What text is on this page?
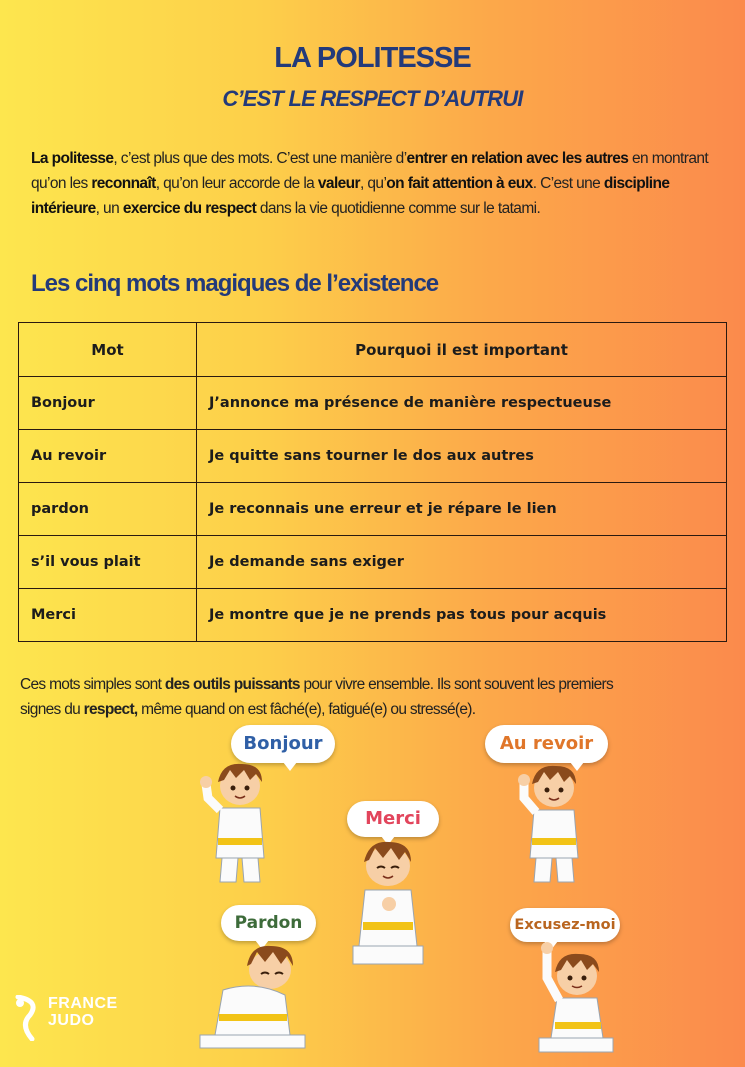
LA POLITESSE
C’EST LE RESPECT D’AUTRUI
La politesse, c’est plus que des mots. C’est une manière d’entrer en relation avec les autres en montrant qu’on les reconnaît, qu’on leur accorde de la valeur, qu’on fait attention à eux. C’est une discipline intérieure, un exercice du respect dans la vie quotidienne comme sur le tatami.
Les cinq mots magiques de l’existence
Mot	Pourquoi il est important
Bonjour	J’annonce ma présence de manière respectueuse
Au revoir	Je quitte sans tourner le dos aux autres
pardon	Je reconnais une erreur et je répare le lien
s’il vous plait	Je demande sans exiger
Merci	Je montre que je ne prends pas tous pour acquis
Ces mots simples sont des outils puissants pour vivre ensemble. Ils sont souvent les premiers
signes du respect, même quand on est fâché(e), fatigué(e) ou stressé(e).
Bonjour	Au revoir
Merci
Pardon	Excusez-moi
FRANCE
JUDO
